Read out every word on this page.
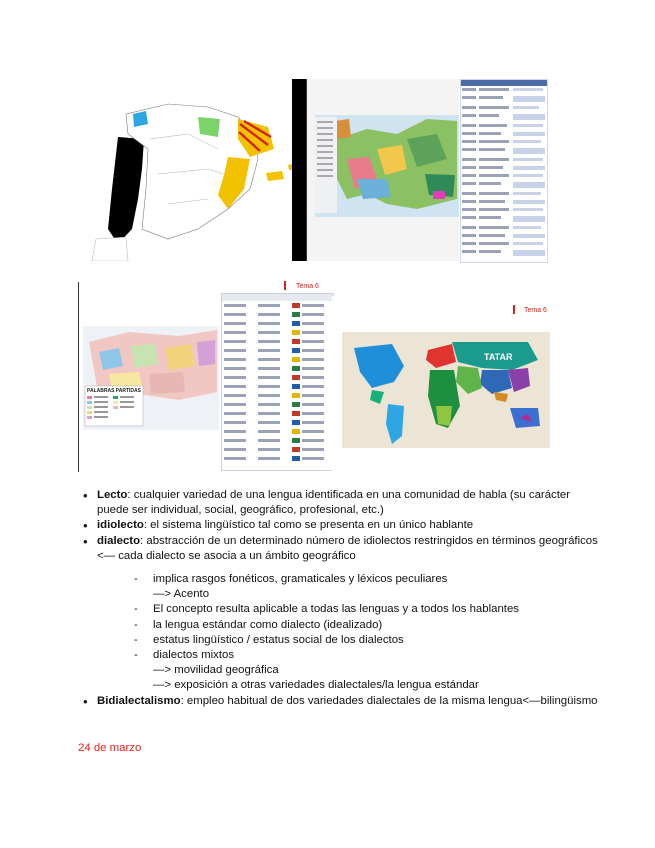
PALABRAS PARTIDAS
Tema 6
Tema 6
TATAR
• Lecto: cualquier variedad de una lengua identificada en una comunidad de habla (su carácter puede ser individual, social, geográfico, profesional, etc.)
• idiolecto: el sistema lingüístico tal como se presenta en un único hablante
• dialecto: abstracción de un determinado número de idiolectos restringidos en términos geográficos <— cada dialecto se asocia a un ámbito geográfico
- implica rasgos fonéticos, gramaticales y léxicos peculiares
—> Acento
- El concepto resulta aplicable a todas las lenguas y a todos los hablantes
- la lengua estándar como dialecto (idealizado)
- estatus lingüístico / estatus social de los dialectos
- dialectos mixtos
—> movilidad geográfica
—> exposición a otras variedades dialectales/la lengua estándar
• Bidialectalismo: empleo habitual de dos variedades dialectales de la misma lengua<—bilingüismo
24 de marzo
